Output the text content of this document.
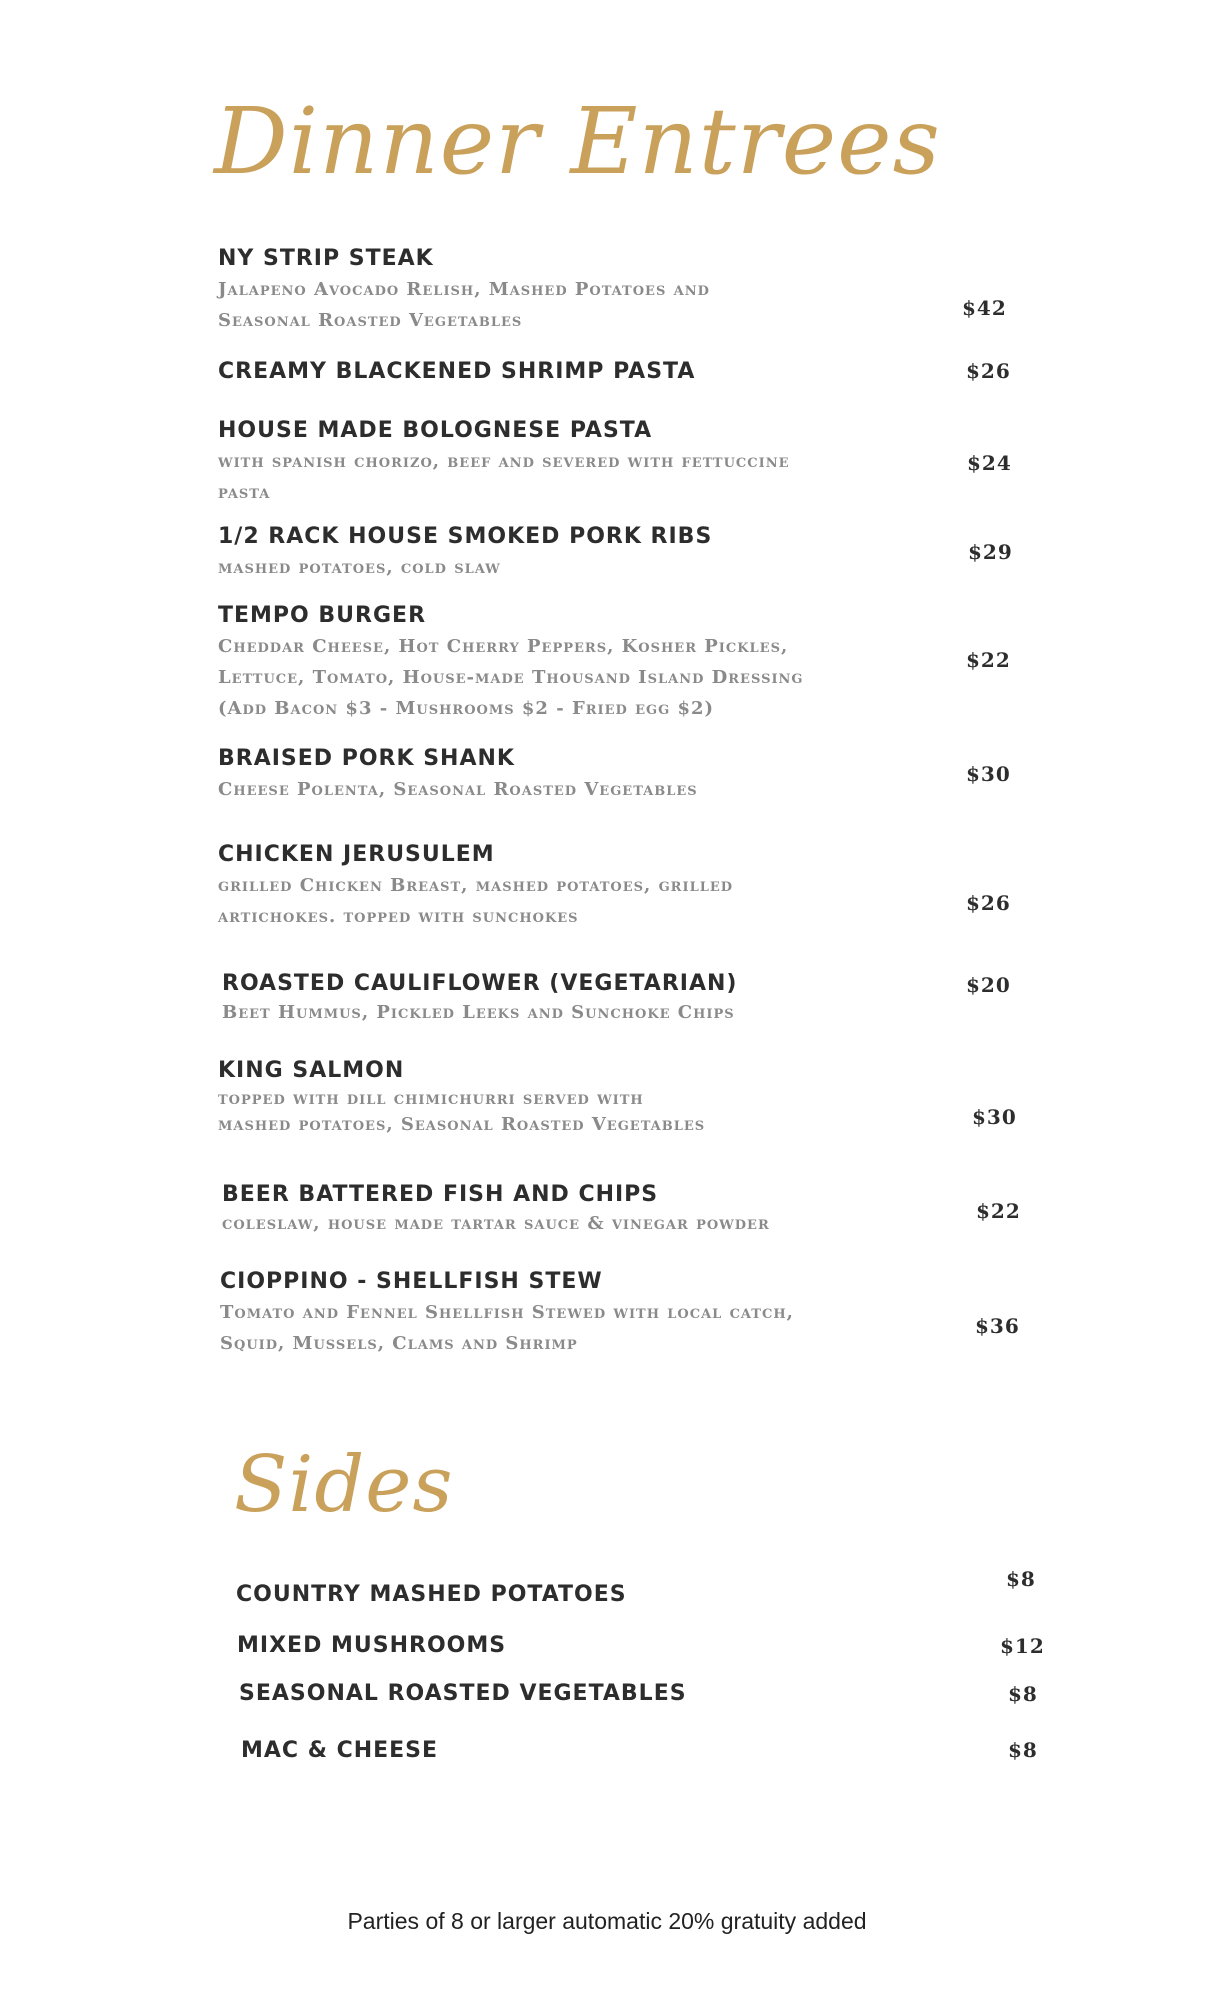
Dinner Entrees
NY STRIP STEAK
Jalapeno Avocado Relish, Mashed Potatoes and
Seasonal Roasted Vegetables
$42
CREAMY BLACKENED SHRIMP PASTA	$26
HOUSE MADE BOLOGNESE PASTA
with spanish chorizo, beef and severed with fettuccine
pasta
$24
1/2 RACK HOUSE SMOKED PORK RIBS
mashed potatoes, cold slaw
$29
TEMPO BURGER
Cheddar Cheese, Hot Cherry Peppers, Kosher Pickles,
Lettuce, Tomato, House-made Thousand Island Dressing
(Add Bacon $3 - Mushrooms $2 - Fried egg $2)
$22
BRAISED PORK SHANK
Cheese Polenta, Seasonal Roasted Vegetables
$30
CHICKEN JERUSULEM
grilled Chicken Breast, mashed potatoes, grilled
artichokes. topped with sunchokes
$26
ROASTED CAULIFLOWER (VEGETARIAN)
Beet Hummus, Pickled Leeks and Sunchoke Chips
$20
KING SALMON
topped with dill chimichurri served with
mashed potatoes, Seasonal Roasted Vegetables	$30
BEER BATTERED FISH AND CHIPS
coleslaw, house made tartar sauce & vinegar powder
$22
CIOPPINO - SHELLFISH STEW
Tomato and Fennel Shellfish Stewed with local catch,
Squid, Mussels, Clams and Shrimp
$36
Sides
COUNTRY MASHED POTATOES
$8
MIXED MUSHROOMS	$12
SEASONAL ROASTED VEGETABLES	$8
MAC & CHEESE	$8
Parties of 8 or larger automatic 20% gratuity added
